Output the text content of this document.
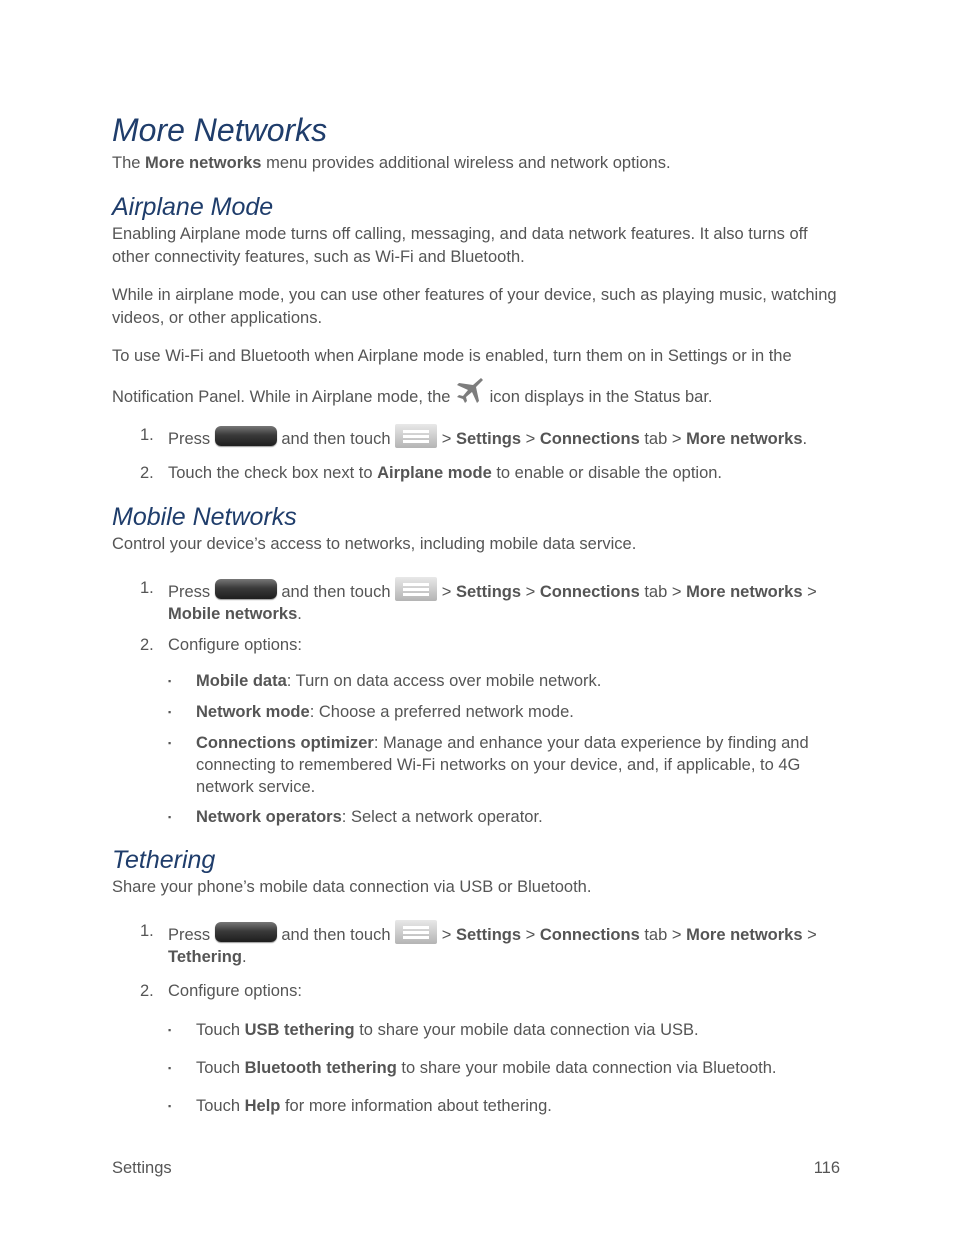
More Networks

The More networks menu provides additional wireless and network options.

Airplane Mode

Enabling Airplane mode turns off calling, messaging, and data network features. It also turns off other connectivity features, such as Wi-Fi and Bluetooth.

While in airplane mode, you can use other features of your device, such as playing music, watching videos, or other applications.

To use Wi-Fi and Bluetooth when Airplane mode is enabled, turn them on in Settings or in the

Notification Panel. While in Airplane mode, the  icon displays in the Status bar.

1. Press	and then touch	> Settings > Connections tab > More networks.

2. Touch the check box next to Airplane mode to enable or disable the option.

Mobile Networks

Control your device’s access to networks, including mobile data service.

1. Press	and then touch	> Settings > Connections tab > More networks >
Mobile networks.

2. Configure options:

▪ Mobile data: Turn on data access over mobile network.

▪ Network mode: Choose a preferred network mode.

▪ Connections optimizer: Manage and enhance your data experience by finding and connecting to remembered Wi-Fi networks on your device, and, if applicable, to 4G network service.

▪ Network operators: Select a network operator.

Tethering

Share your phone’s mobile data connection via USB or Bluetooth.

1. Press	and then touch	> Settings > Connections tab > More networks >
Tethering.

2. Configure options:

▪ Touch USB tethering to share your mobile data connection via USB.

▪ Touch Bluetooth tethering to share your mobile data connection via Bluetooth.

▪ Touch Help for more information about tethering.

Settings	116
